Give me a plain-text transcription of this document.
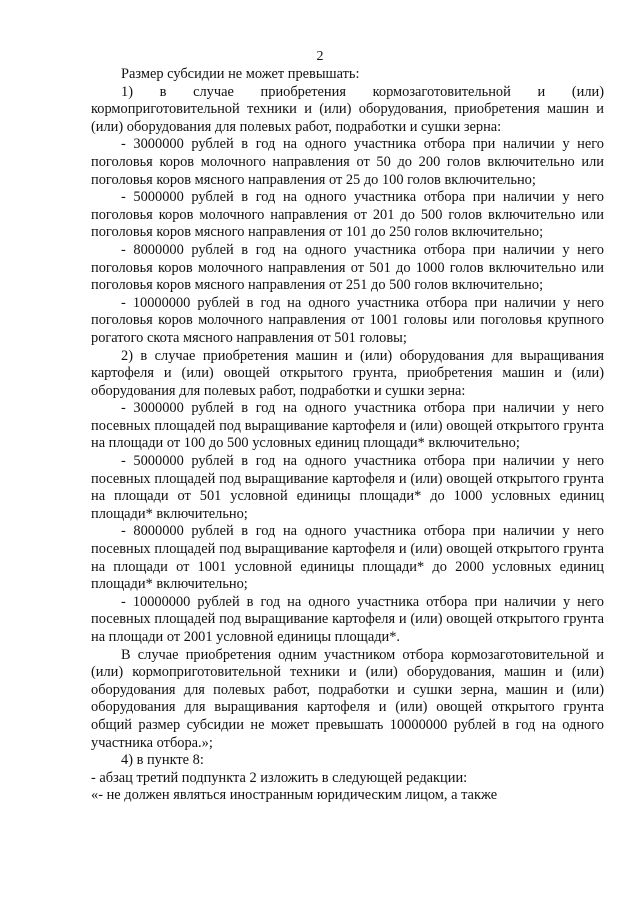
2

Размер субсидии не может превышать:

1) в случае приобретения кормозаготовительной и (или) кормоприготовительной техники и (или) оборудования, приобретения машин и (или) оборудования для полевых работ, подработки и сушки зерна:

- 3000000 рублей в год на одного участника отбора при наличии у него поголовья коров молочного направления от 50 до 200 голов включительно или поголовья коров мясного направления от 25 до 100 голов включительно;

- 5000000 рублей в год на одного участника отбора при наличии у него поголовья коров молочного направления от 201 до 500 голов включительно или поголовья коров мясного направления от 101 до 250 голов включительно;

- 8000000 рублей в год на одного участника отбора при наличии у него поголовья коров молочного направления от 501 до 1000 голов включительно или поголовья коров мясного направления от 251 до 500 голов включительно;

- 10000000 рублей в год на одного участника отбора при наличии у него поголовья коров молочного направления от 1001 головы или поголовья крупного рогатого скота мясного направления от 501 головы;

2) в случае приобретения машин и (или) оборудования для выращивания картофеля и (или) овощей открытого грунта, приобретения машин и (или) оборудования для полевых работ, подработки и сушки зерна:

- 3000000 рублей в год на одного участника отбора при наличии у него посевных площадей под выращивание картофеля и (или) овощей открытого грунта на площади от 100 до 500 условных единиц площади* включительно;

- 5000000 рублей в год на одного участника отбора при наличии у него посевных площадей под выращивание картофеля и (или) овощей открытого грунта на площади от 501 условной единицы площади* до 1000 условных единиц площади* включительно;

- 8000000 рублей в год на одного участника отбора при наличии у него посевных площадей под выращивание картофеля и (или) овощей открытого грунта на площади от 1001 условной единицы площади* до 2000 условных единиц площади* включительно;

- 10000000 рублей в год на одного участника отбора при наличии у него посевных площадей под выращивание картофеля и (или) овощей открытого грунта на площади от 2001 условной единицы площади*.

В случае приобретения одним участником отбора кормозаготовительной и (или) кормоприготовительной техники и (или) оборудования, машин и (или) оборудования для полевых работ, подработки и сушки зерна, машин и (или) оборудования для выращивания картофеля и (или) овощей открытого грунта общий размер субсидии не может превышать 10000000 рублей в год на одного участника отбора.»;

4) в пункте 8:

- абзац третий подпункта 2 изложить в следующей редакции:

«- не должен являться иностранным юридическим лицом, а также
